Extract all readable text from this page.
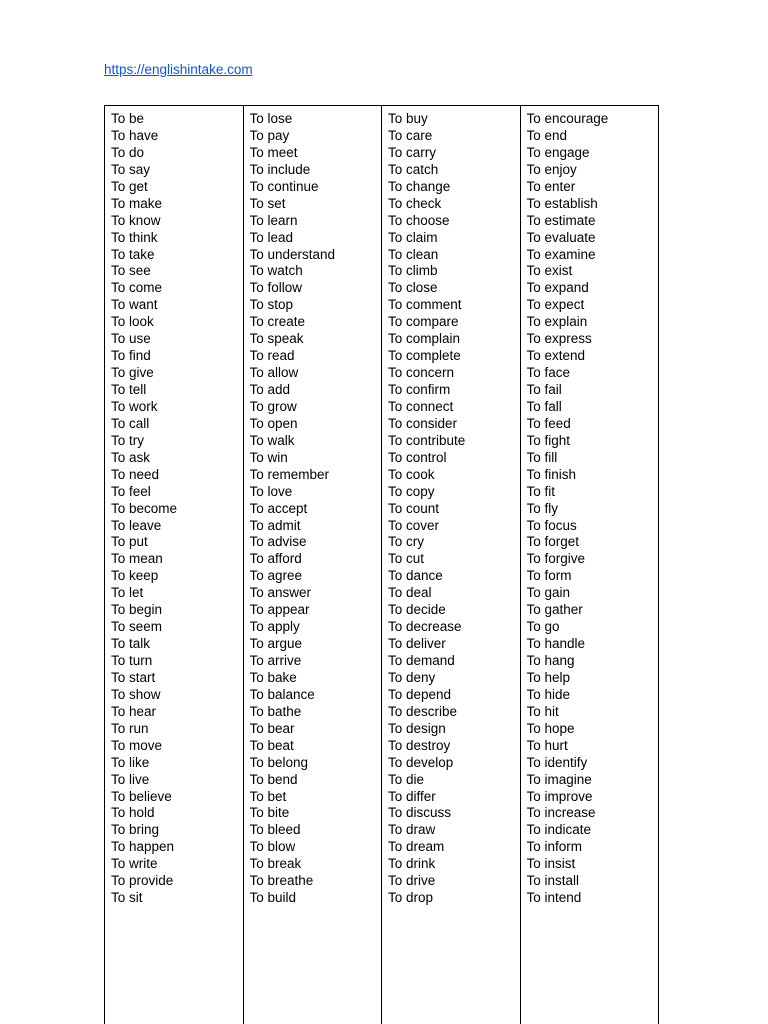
https://englishintake.com
To be
To have
To do
To say
To get
To make
To know
To think
To take
To see
To come
To want
To look
To use
To find
To give
To tell
To work
To call
To try
To ask
To need
To feel
To become
To leave
To put
To mean
To keep
To let
To begin
To seem
To talk
To turn
To start
To show
To hear
To run
To move
To like
To live
To believe
To hold
To bring
To happen
To write
To provide
To sit
To lose
To pay
To meet
To include
To continue
To set
To learn
To lead
To understand
To watch
To follow
To stop
To create
To speak
To read
To allow
To add
To grow
To open
To walk
To win
To remember
To love
To accept
To admit
To advise
To afford
To agree
To answer
To appear
To apply
To argue
To arrive
To bake
To balance
To bathe
To bear
To beat
To belong
To bend
To bet
To bite
To bleed
To blow
To break
To breathe
To build
To buy
To care
To carry
To catch
To change
To check
To choose
To claim
To clean
To climb
To close
To comment
To compare
To complain
To complete
To concern
To confirm
To connect
To consider
To contribute
To control
To cook
To copy
To count
To cover
To cry
To cut
To dance
To deal
To decide
To decrease
To deliver
To demand
To deny
To depend
To describe
To design
To destroy
To develop
To die
To differ
To discuss
To draw
To dream
To drink
To drive
To drop
To encourage
To end
To engage
To enjoy
To enter
To establish
To estimate
To evaluate
To examine
To exist
To expand
To expect
To explain
To express
To extend
To face
To fail
To fall
To feed
To fight
To fill
To finish
To fit
To fly
To focus
To forget
To forgive
To form
To gain
To gather
To go
To handle
To hang
To help
To hide
To hit
To hope
To hurt
To identify
To imagine
To improve
To increase
To indicate
To inform
To insist
To install
To intend
